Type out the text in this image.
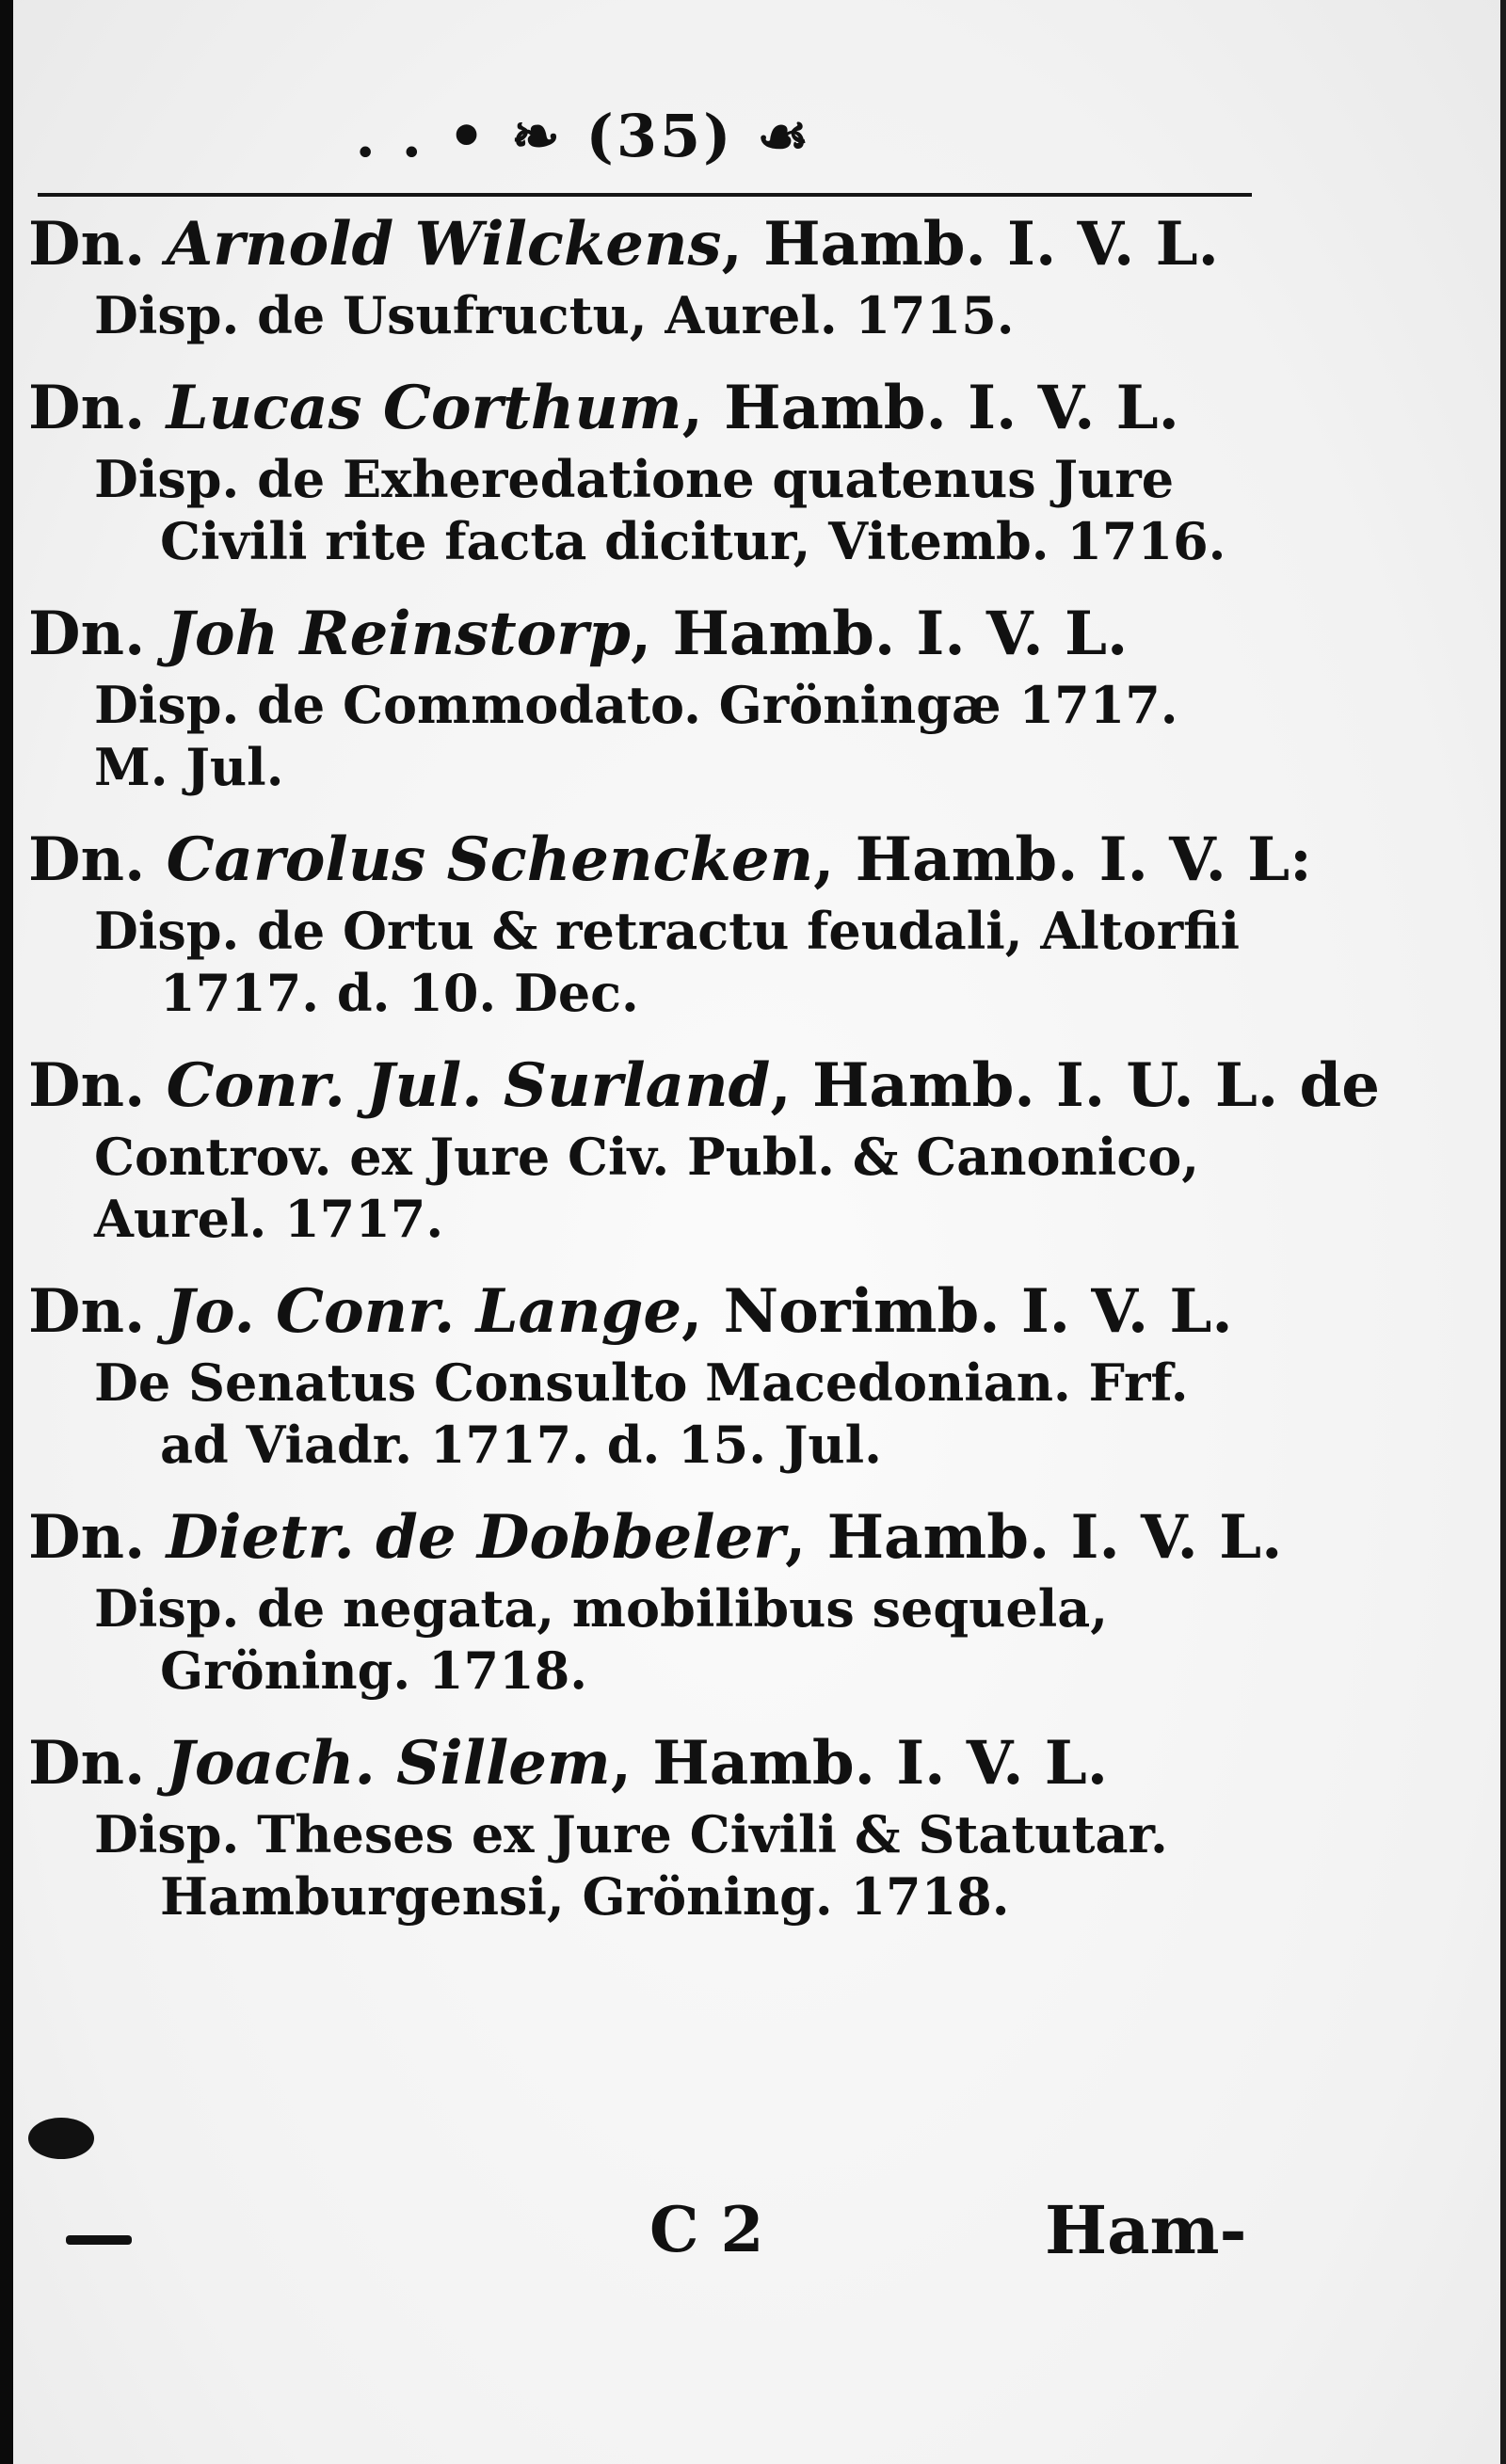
. . • ❧ (35) ☙
Dn. Arnold Wilckens, Hamb. I. V. L.
Disp. de Usufructu, Aurel. 1715.
Dn. Lucas Corthum, Hamb. I. V. L.
Disp. de Exheredatione quatenus Jure Civili rite facta dicitur, Vitemb. 1716.
Dn. Joh Reinstorp, Hamb. I. V. L.
Disp. de Commodato. Gröningæ 1717. M. Jul.
Dn. Carolus Schencken, Hamb. I. V. L:
Disp. de Ortu & retractu feudali, Altorfii 1717. d. 10. Dec.
Dn. Conr. Jul. Surland, Hamb. I. U. L. de
Controv. ex Jure Civ. Publ. & Canonico, Aurel. 1717.
Dn. Jo. Conr. Lange, Norimb. I. V. L.
De Senatus Consulto Macedonian. Frf. ad Viadr. 1717. d. 15. Jul.
Dn. Dietr. de Dobbeler, Hamb. I. V. L.
Disp. de negata, mobilibus sequela, Gröning. 1718.
Dn. Joach. Sillem, Hamb. I. V. L.
Disp. Theses ex Jure Civili & Statutar. Hamburgensi, Gröning. 1718.
C 2	Ham-
